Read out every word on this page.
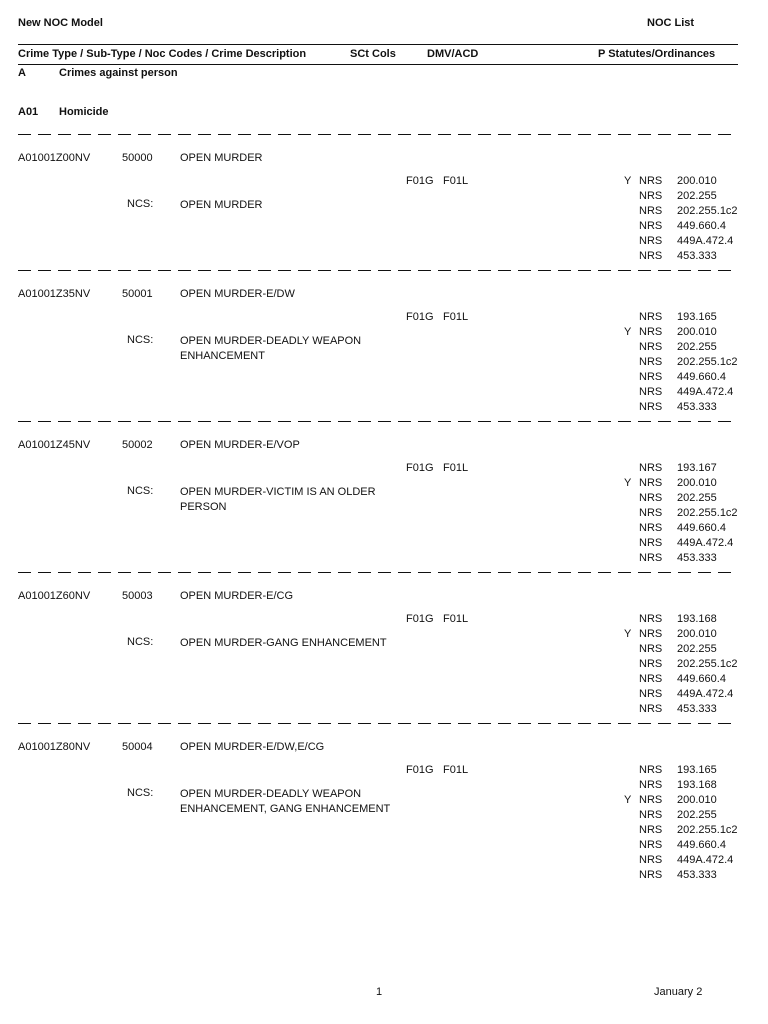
New NOC Model	NOC List
Crime Type / Sub-Type / Noc Codes / Crime Description	SCt Cols	DMV/ACD	P Statutes/Ordinances
A	Crimes against person
A01 Homicide
A01001Z00NV	50000 OPEN MURDER
F01G F01L
NCS: OPEN MURDER
Y NRS 200.010
NRS 202.255
NRS 202.255.1c2
NRS 449.660.4
NRS 449A.472.4
NRS 453.333
A01001Z35NV	50001 OPEN MURDER-E/DW
F01G F01L
NCS: OPEN MURDER-DEADLY WEAPON ENHANCEMENT
NRS 193.165
Y NRS 200.010
NRS 202.255
NRS 202.255.1c2
NRS 449.660.4
NRS 449A.472.4
NRS 453.333
A01001Z45NV	50002 OPEN MURDER-E/VOP
F01G F01L
NCS: OPEN MURDER-VICTIM IS AN OLDER PERSON
NRS 193.167
Y NRS 200.010
NRS 202.255
NRS 202.255.1c2
NRS 449.660.4
NRS 449A.472.4
NRS 453.333
A01001Z60NV	50003 OPEN MURDER-E/CG
F01G F01L
NCS: OPEN MURDER-GANG ENHANCEMENT
NRS 193.168
Y NRS 200.010
NRS 202.255
NRS 202.255.1c2
NRS 449.660.4
NRS 449A.472.4
NRS 453.333
A01001Z80NV	50004 OPEN MURDER-E/DW,E/CG
F01G F01L
NCS: OPEN MURDER-DEADLY WEAPON ENHANCEMENT, GANG ENHANCEMENT
NRS 193.165
NRS 193.168
Y NRS 200.010
NRS 202.255
NRS 202.255.1c2
NRS 449.660.4
NRS 449A.472.4
NRS 453.333
1	January 2
